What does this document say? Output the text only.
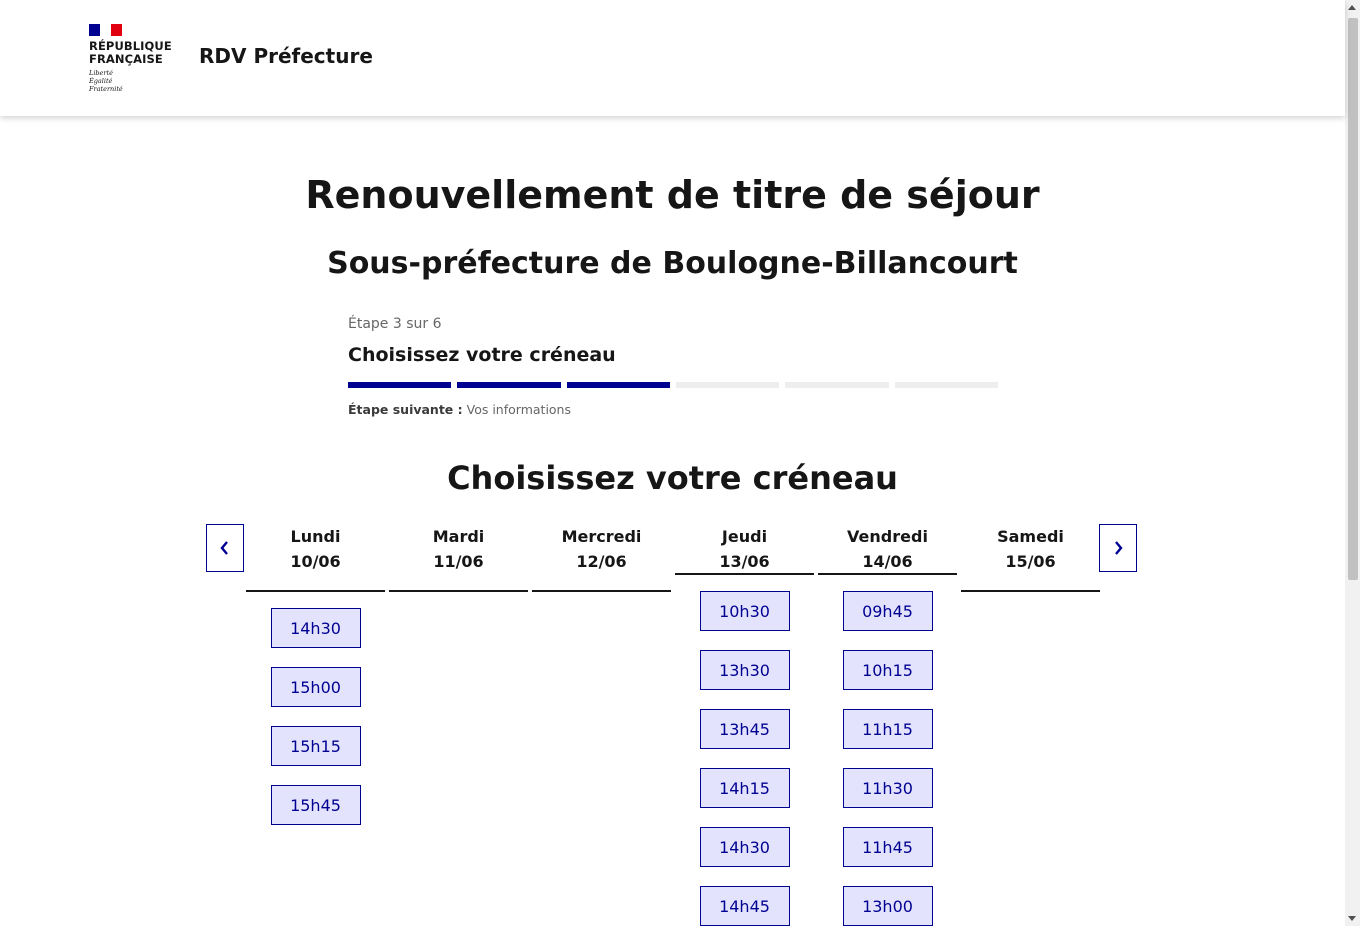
RÉPUBLIQUE
FRANÇAISE
Liberté
Égalité
Fraternité
RDV Préfecture
Renouvellement de titre de séjour
Sous-préfecture de Boulogne-Billancourt
Étape 3 sur 6
Choisissez votre créneau
Étape suivante : Vos informations
Choisissez votre créneau
Lundi
10/06
14h30
15h00
15h15
15h45
Mardi
11/06
Mercredi
12/06
Jeudi
13/06
10h30
13h30
13h45
14h15
14h30
14h45
Vendredi
14/06
09h45
10h15
11h15
11h30
11h45
13h00
Samedi
15/06
